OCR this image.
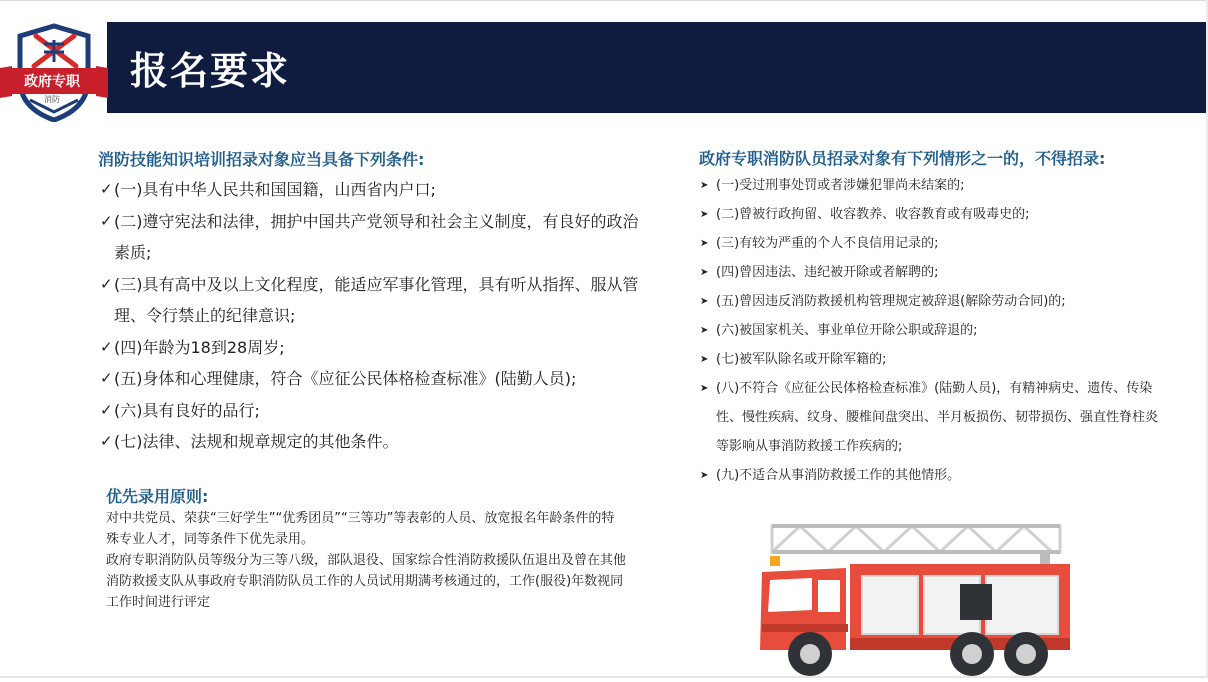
报名要求
政府专职
消防
消防技能知识培训招录对象应当具备下列条件:
✓ (一)具有中华人民共和国国籍，山西省内户口;
✓ (二)遵守宪法和法律，拥护中国共产党领导和社会主义制度，有良好的政治素质;
✓ (三)具有高中及以上文化程度，能适应军事化管理，具有听从指挥、服从管理、令行禁止的纪律意识;
✓ (四)年龄为18到28周岁;
✓ (五)身体和心理健康，符合《应征公民体格检查标准》(陆勤人员);
✓ (六)具有良好的品行;
✓ (七)法律、法规和规章规定的其他条件。
优先录用原则:
对中共党员、荣获“三好学生”“优秀团员”“三等功”等表彰的人员、放宽报名年龄条件的特殊专业人才，同等条件下优先录用。
政府专职消防队员等级分为三等八级，部队退役、国家综合性消防救援队伍退出及曾在其他消防救援支队从事政府专职消防队员工作的人员试用期满考核通过的，工作(服役)年数视同工作时间进行评定
政府专职消防队员招录对象有下列情形之一的，不得招录:
➤ (一)受过刑事处罚或者涉嫌犯罪尚未结案的;
➤ (二)曾被行政拘留、收容教养、收容教育或有吸毒史的;
➤ (三)有较为严重的个人不良信用记录的;
➤ (四)曾因违法、违纪被开除或者解聘的;
➤ (五)曾因违反消防救援机构管理规定被辞退(解除劳动合同)的;
➤ (六)被国家机关、事业单位开除公职或辞退的;
➤ (七)被军队除名或开除军籍的;
➤ (八)不符合《应征公民体格检查标准》(陆勤人员)，有精神病史、遗传、传染性、慢性疾病、纹身、腰椎间盘突出、半月板损伤、韧带损伤、强直性脊柱炎等影响从事消防救援工作疾病的;
➤ (九)不适合从事消防救援工作的其他情形。
